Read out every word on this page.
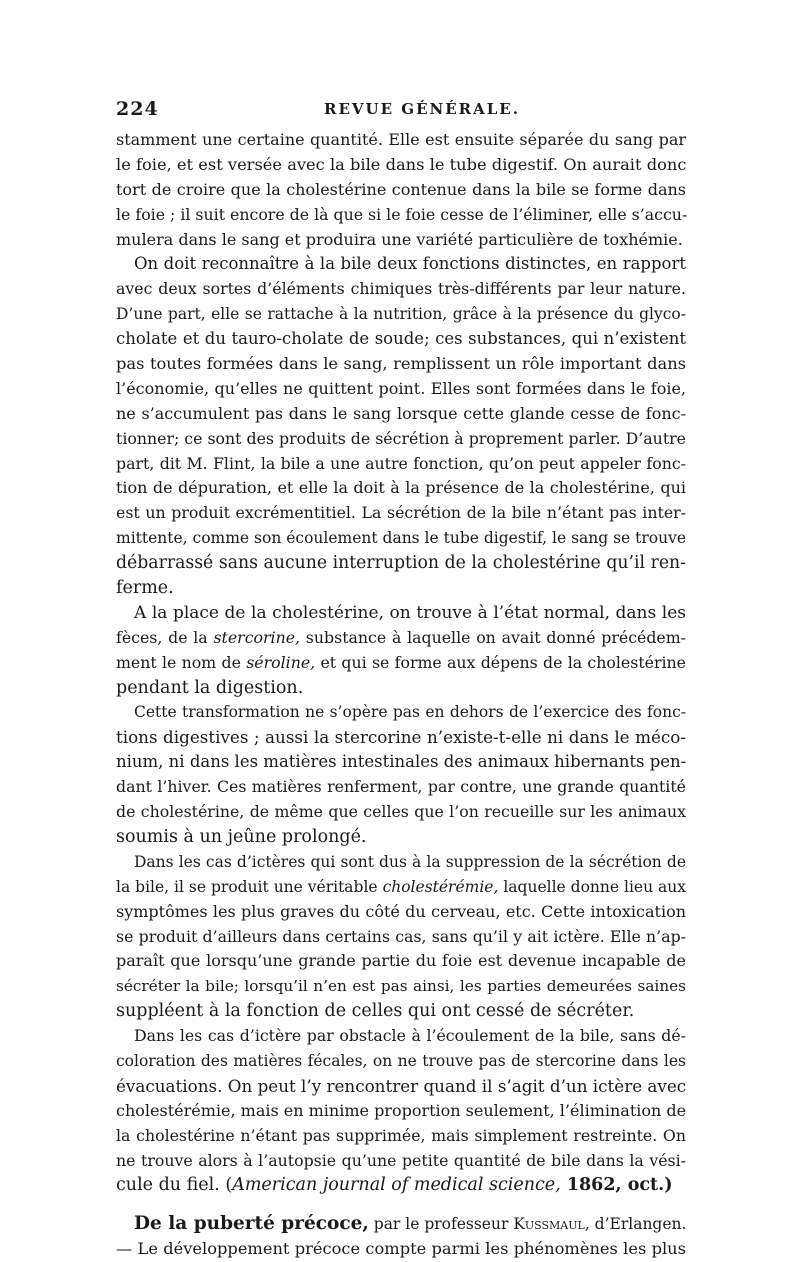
224	REVUE GÉNÉRALE.
stamment une certaine quantité. Elle est ensuite séparée du sang par
le foie, et est versée avec la bile dans le tube digestif. On aurait donc
tort de croire que la cholestérine contenue dans la bile se forme dans
le foie ; il suit encore de là que si le foie cesse de l’éliminer, elle s’accu-
mulera dans le sang et produira une variété particulière de toxhémie.
On doit reconnaître à la bile deux fonctions distinctes, en rapport
avec deux sortes d’éléments chimiques très-différents par leur nature.
D’une part, elle se rattache à la nutrition, grâce à la présence du glyco-
cholate et du tauro-cholate de soude; ces substances, qui n’existent
pas toutes formées dans le sang, remplissent un rôle important dans
l’économie, qu’elles ne quittent point. Elles sont formées dans le foie,
ne s’accumulent pas dans le sang lorsque cette glande cesse de fonc-
tionner; ce sont des produits de sécrétion à proprement parler. D’autre
part, dit M. Flint, la bile a une autre fonction, qu’on peut appeler fonc-
tion de dépuration, et elle la doit à la présence de la cholestérine, qui
est un produit excrémentitiel. La sécrétion de la bile n’étant pas inter-
mittente, comme son écoulement dans le tube digestif, le sang se trouve
débarrassé sans aucune interruption de la cholestérine qu’il ren-
ferme.
A la place de la cholestérine, on trouve à l’état normal, dans les
fèces, de la stercorine, substance à laquelle on avait donné précédem-
ment le nom de séroline, et qui se forme aux dépens de la cholestérine
pendant la digestion.
Cette transformation ne s’opère pas en dehors de l’exercice des fonc-
tions digestives ; aussi la stercorine n’existe-t-elle ni dans le méco-
nium, ni dans les matières intestinales des animaux hibernants pen-
dant l’hiver. Ces matières renferment, par contre, une grande quantité
de cholestérine, de même que celles que l’on recueille sur les animaux
soumis à un jeûne prolongé.
Dans les cas d’ictères qui sont dus à la suppression de la sécrétion de
la bile, il se produit une véritable cholestérémie, laquelle donne lieu aux
symptômes les plus graves du côté du cerveau, etc. Cette intoxication
se produit d’ailleurs dans certains cas, sans qu’il y ait ictère. Elle n’ap-
paraît que lorsqu’une grande partie du foie est devenue incapable de
sécréter la bile; lorsqu’il n’en est pas ainsi, les parties demeurées saines
suppléent à la fonction de celles qui ont cessé de sécréter.
Dans les cas d’ictère par obstacle à l’écoulement de la bile, sans dé-
coloration des matières fécales, on ne trouve pas de stercorine dans les
évacuations. On peut l’y rencontrer quand il s’agit d’un ictère avec
cholestérémie, mais en minime proportion seulement, l’élimination de
la cholestérine n’étant pas supprimée, mais simplement restreinte. On
ne trouve alors à l’autopsie qu’une petite quantité de bile dans la vési-
cule du fiel. (American journal of medical science, 1862, oct.)
De la puberté précoce, par le professeur Kussmaul, d’Erlangen.
— Le développement précoce compte parmi les phénomènes les plus
